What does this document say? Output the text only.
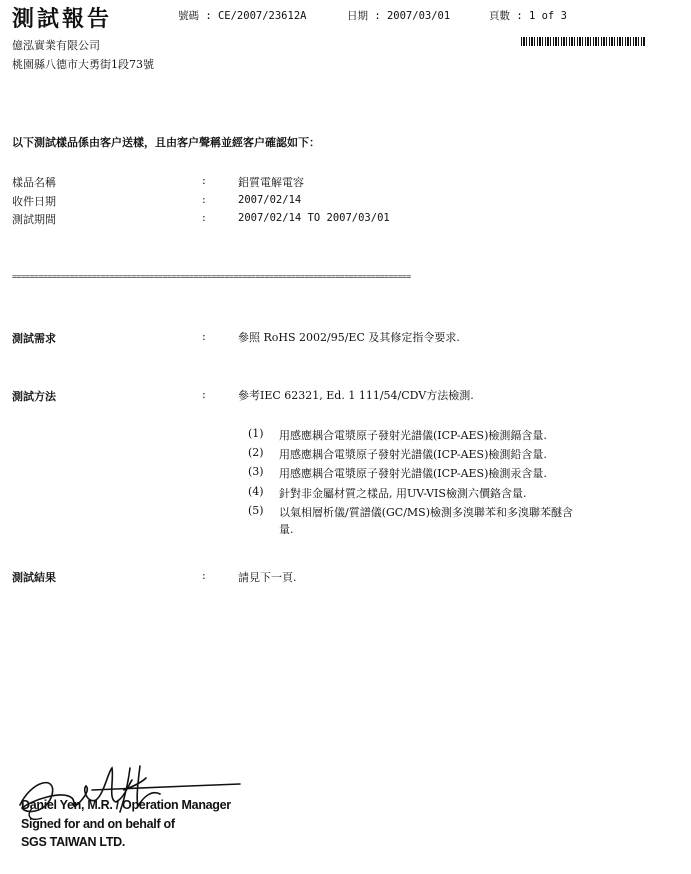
測試報告	號碼 : CE/2007/23612A	日期 : 2007/03/01	頁數 : 1 of 3
億泓實業有限公司
桃園縣八德市大勇街1段73號
以下測試樣品係由客户送樣，且由客户聲稱並經客户確認如下：
樣品名稱	:	鋁質電解電容
收件日期	:	2007/02/14
測試期間	:	2007/02/14 TO 2007/03/01
==========================================================================================
測試需求	:	參照 RoHS 2002/95/EC 及其修定指令要求.
測試方法	:	參考IEC 62321, Ed. 1 111/54/CDV方法檢測.
(1) 用感應耦合電漿原子發射光譜儀(ICP-AES)檢測鎘含量.
(2) 用感應耦合電漿原子發射光譜儀(ICP-AES)檢測鉛含量.
(3) 用感應耦合電漿原子發射光譜儀(ICP-AES)檢測汞含量.
(4) 針對非金屬材質之樣品, 用UV-VIS檢測六價鉻含量.
(5) 以氣相層析儀/質譜儀(GC/MS)檢測多溴聯苯和多溴聯苯醚含
量.
測試結果	:	請見下一頁.
Daniel Yen, M.R. / Operation Manager
Signed for and on behalf of
SGS TAIWAN LTD.
